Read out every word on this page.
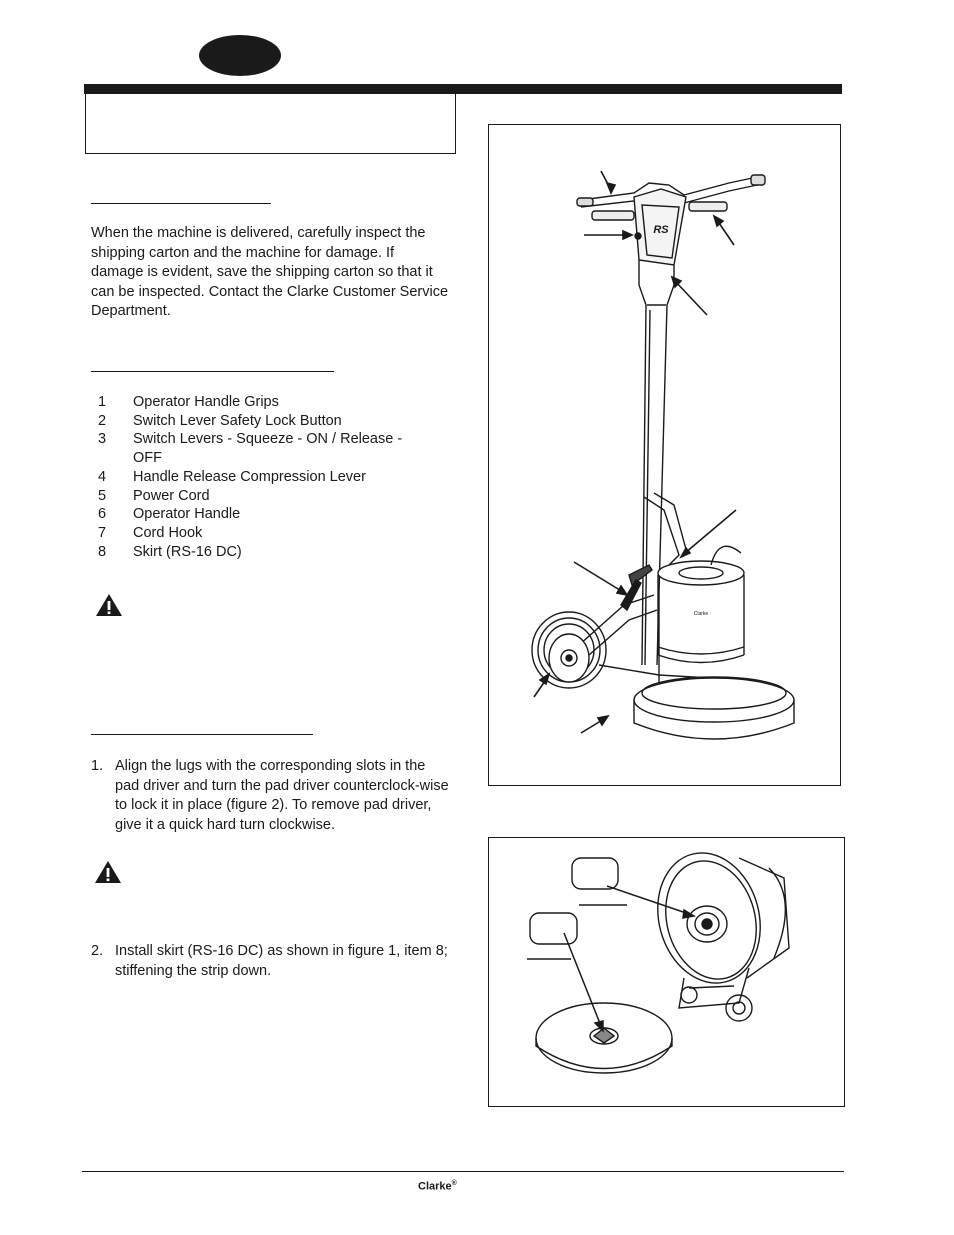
When the machine is delivered, carefully inspect the shipping carton and the machine for damage. If damage is evident, save the shipping carton so that it can be inspected. Contact the Clarke Customer Service Department.
1	Operator Handle Grips
2	Switch Lever Safety Lock Button
3	Switch Levers - Squeeze - ON / Release - OFF
4	Handle Release Compression Lever
5	Power Cord
6	Operator Handle
7	Cord Hook
8	Skirt (RS-16 DC)
1. Align the lugs with the corresponding slots in the pad driver and turn the pad driver counterclock-wise to lock it in place (figure 2). To remove pad driver, give it a quick hard turn clockwise.
2. Install skirt (RS-16 DC) as shown in figure 1, item 8; stiffening the strip down.
Clarke
RS
Clarke®
